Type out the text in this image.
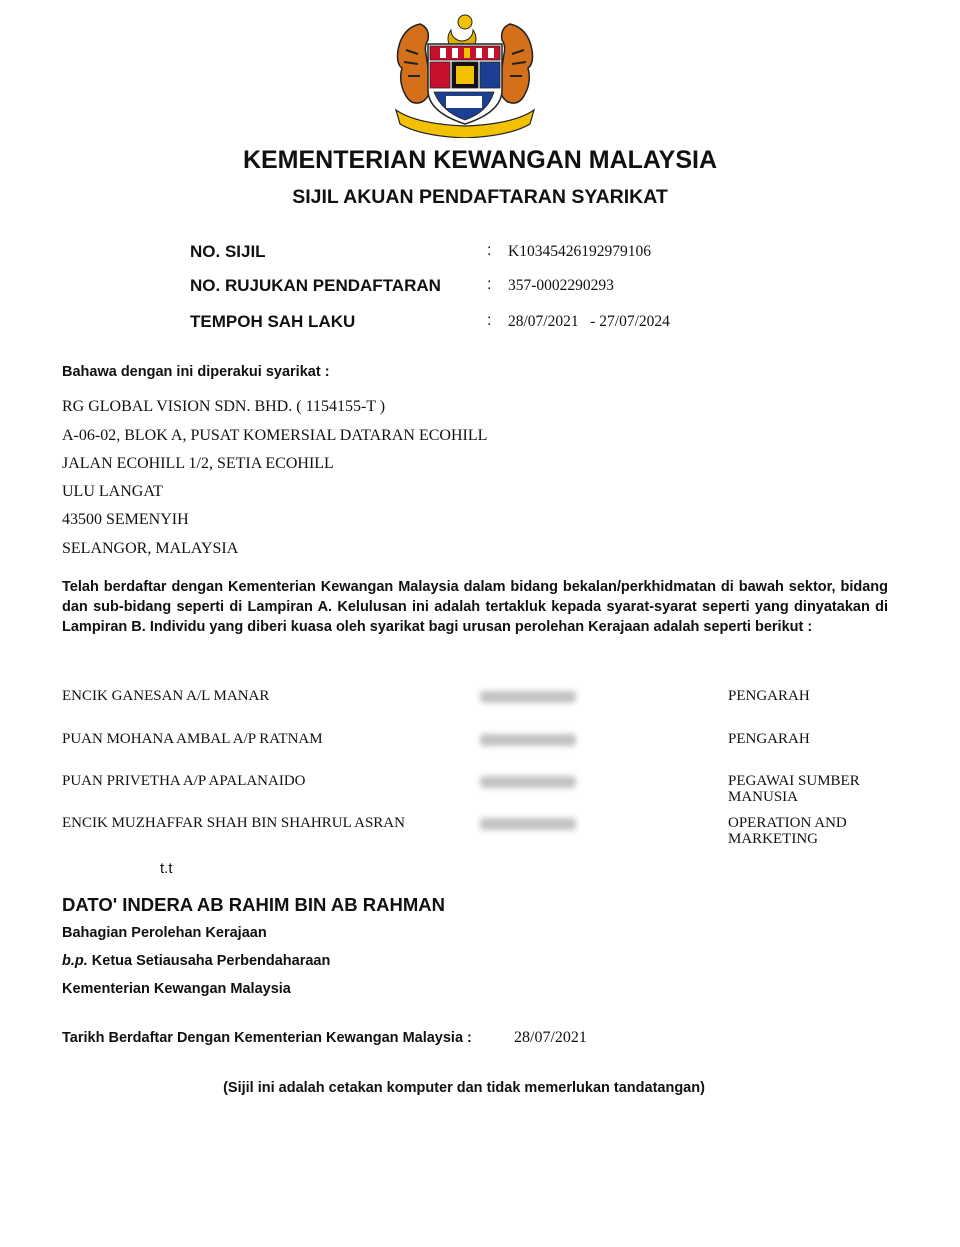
KEMENTERIAN KEWANGAN MALAYSIA
SIJIL AKUAN PENDAFTARAN SYARIKAT
NO. SIJIL	: K10345426192979106
NO. RUJUKAN PENDAFTARAN	: 357-0002290293
TEMPOH SAH LAKU	: 28/07/2021   - 27/07/2024
Bahawa dengan ini diperakui syarikat :
RG GLOBAL VISION SDN. BHD. ( 1154155-T )
A-06-02, BLOK A, PUSAT KOMERSIAL DATARAN ECOHILL
JALAN ECOHILL 1/2, SETIA ECOHILL
ULU LANGAT
43500 SEMENYIH
SELANGOR, MALAYSIA
Telah berdaftar dengan Kementerian Kewangan Malaysia dalam bidang bekalan/perkhidmatan di bawah sektor, bidang dan sub-bidang seperti di Lampiran A. Kelulusan ini adalah tertakluk kepada syarat-syarat seperti yang dinyatakan di Lampiran B. Individu yang diberi kuasa oleh syarikat bagi urusan perolehan Kerajaan adalah seperti berikut :
ENCIK GANESAN A/L MANAR	PENGARAH
PUAN MOHANA AMBAL A/P RATNAM	PENGARAH
PUAN PRIVETHA A/P APALANAIDO	PEGAWAI SUMBER MANUSIA
ENCIK MUZHAFFAR SHAH BIN SHAHRUL ASRAN	OPERATION AND MARKETING
t.t
DATO' INDERA AB RAHIM BIN AB RAHMAN
Bahagian Perolehan Kerajaan
b.p. Ketua Setiausaha Perbendaharaan
Kementerian Kewangan Malaysia
Tarikh Berdaftar Dengan Kementerian Kewangan Malaysia :	28/07/2021
(Sijil ini adalah cetakan komputer dan tidak memerlukan tandatangan)
